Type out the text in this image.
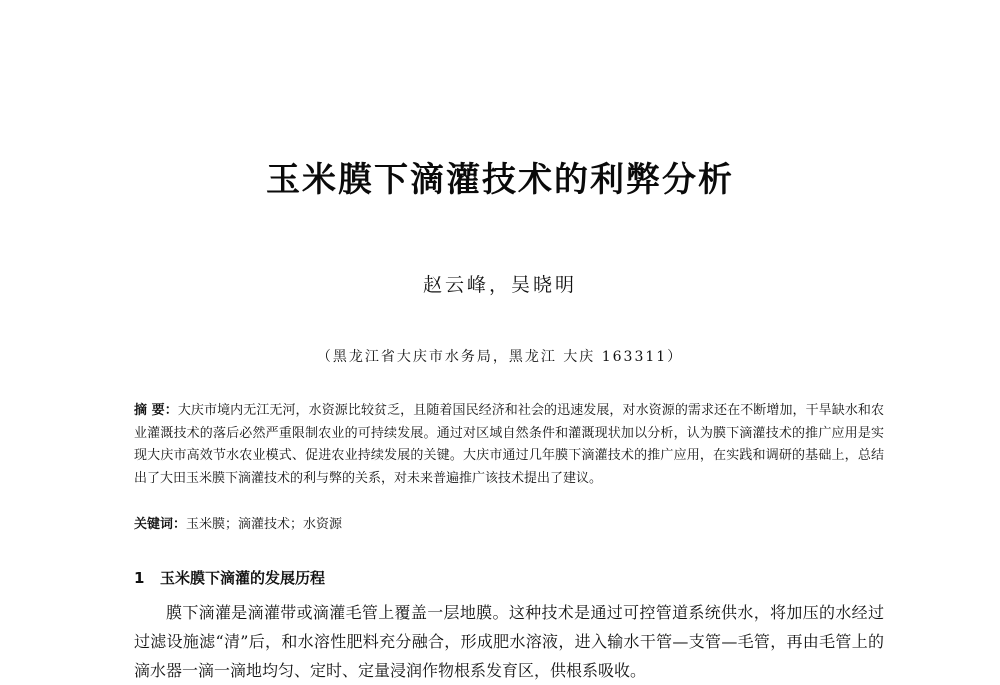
玉米膜下滴灌技术的利弊分析
赵云峰，吴晓明
（黑龙江省大庆市水务局，黑龙江 大庆 163311）
摘 要：大庆市境内无江无河，水资源比较贫乏，且随着国民经济和社会的迅速发展，对水资源的需求还在不断增加，干旱缺水和农业灌溉技术的落后必然严重限制农业的可持续发展。通过对区域自然条件和灌溉现状加以分析，认为膜下滴灌技术的推广应用是实现大庆市高效节水农业模式、促进农业持续发展的关键。大庆市通过几年膜下滴灌技术的推广应用，在实践和调研的基础上，总结出了大田玉米膜下滴灌技术的利与弊的关系，对未来普遍推广该技术提出了建议。
关键词：玉米膜；滴灌技术；水资源
1 玉米膜下滴灌的发展历程
膜下滴灌是滴灌带或滴灌毛管上覆盖一层地膜。这种技术是通过可控管道系统供水，将加压的水经过过滤设施滤“清”后，和水溶性肥料充分融合，形成肥水溶液，进入输水干管—支管—毛管，再由毛管上的滴水器一滴一滴地均匀、定时、定量浸润作物根系发育区，供根系吸收。
